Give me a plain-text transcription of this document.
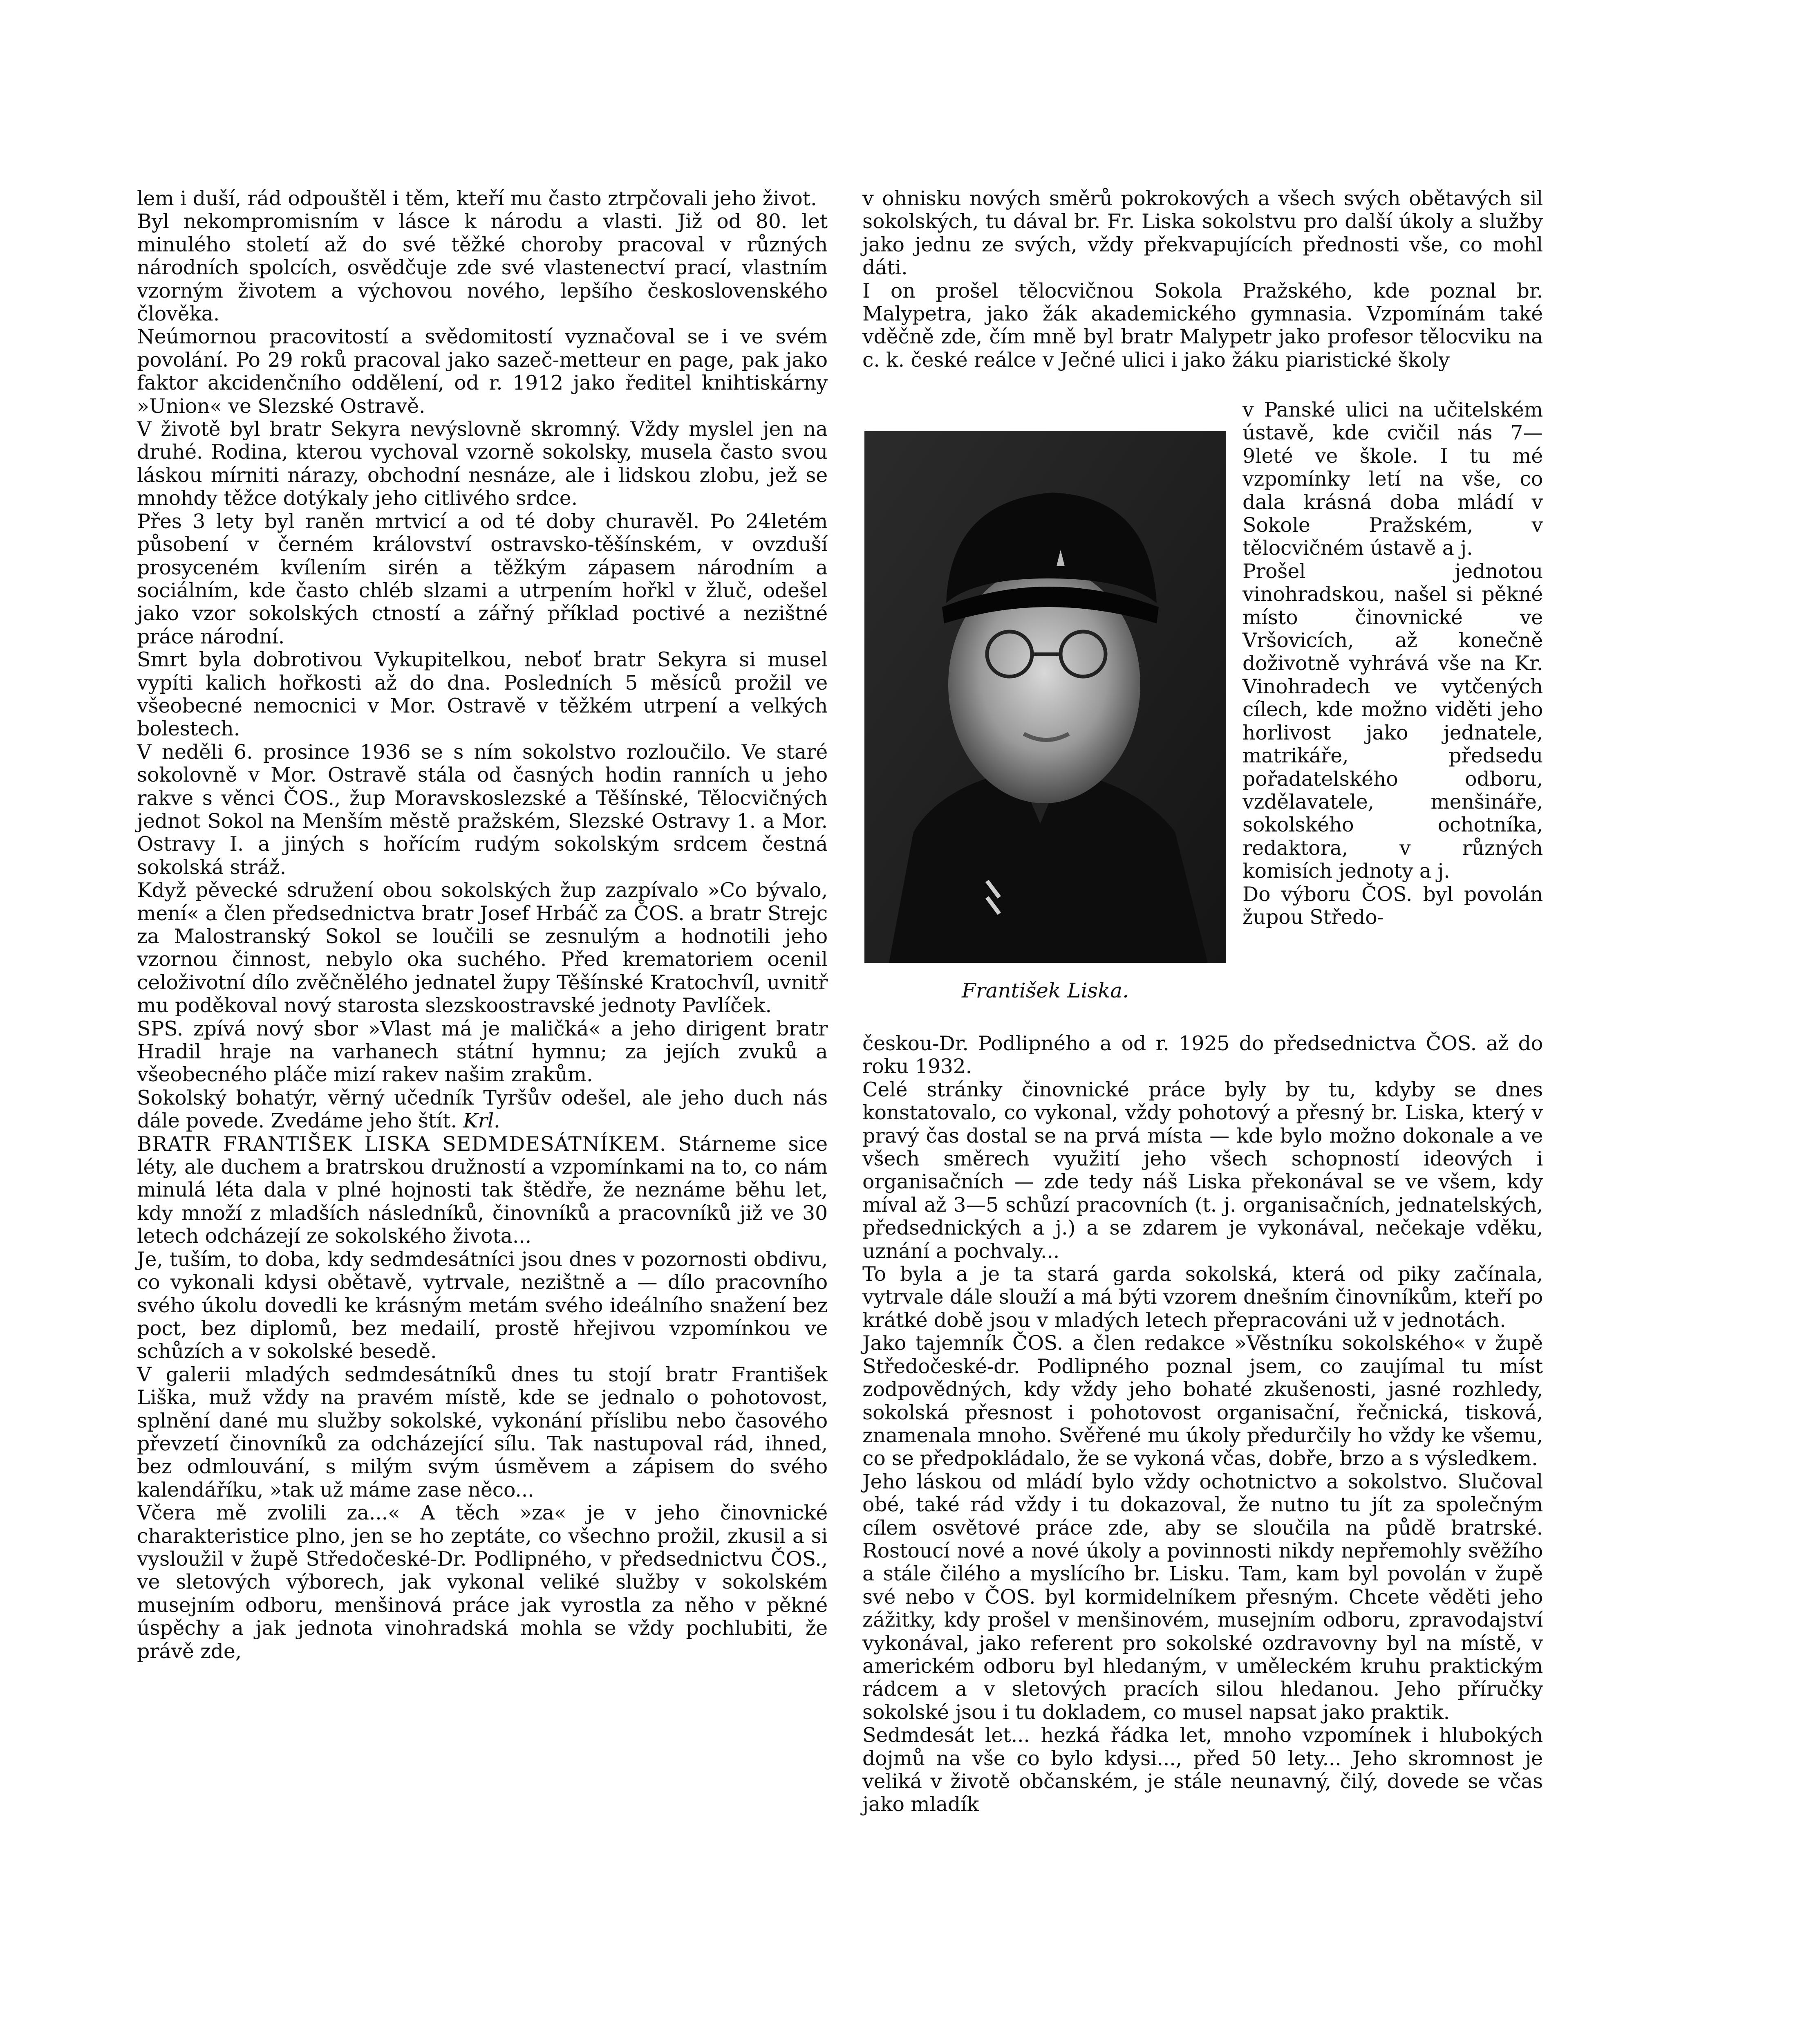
lem i duší, rád odpouštěl i těm, kteří mu často ztrpčovali jeho život.

Byl nekompromisním v lásce k národu a vlasti. Již od 80. let minulého století až do své těžké choroby pracoval v různých národních spolcích, osvědčuje zde své vlastenectví prací, vlastním vzorným životem a výchovou nového, lepšího československého člověka.

Neúmornou pracovitostí a svědomitostí vyznačoval se i ve svém povolání. Po 29 roků pracoval jako sazeč-metteur en page, pak jako faktor akcidenčního oddělení, od r. 1912 jako ředitel knihtiskárny »Union« ve Slezské Ostravě.

V životě byl bratr Sekyra nevýslovně skromný. Vždy myslel jen na druhé. Rodina, kterou vychoval vzorně sokolsky, musela často svou láskou mírniti nárazy, obchodní nesnáze, ale i lidskou zlobu, jež se mnohdy těžce dotýkaly jeho citlivého srdce.

Přes 3 lety byl raněn mrtvicí a od té doby churavěl. Po 24letém působení v černém království ostravsko-těšínském, v ovzduší prosyceném kvílením sirén a těžkým zápasem národním a sociálním, kde často chléb slzami a utrpením hořkl v žluč, odešel jako vzor sokolských ctností a zářný příklad poctivé a nezištné práce národní.

Smrt byla dobrotivou Vykupitelkou, neboť bratr Sekyra si musel vypíti kalich hořkosti až do dna. Posledních 5 měsíců prožil ve všeobecné nemocnici v Mor. Ostravě v těžkém utrpení a velkých bolestech.

V neděli 6. prosince 1936 se s ním sokolstvo rozloučilo. Ve staré sokolovně v Mor. Ostravě stála od časných hodin ranních u jeho rakve s věnci ČOS., žup Moravskoslezské a Těšínské, Tělocvičných jednot Sokol na Menším městě pražském, Slezské Ostravy 1. a Mor. Ostravy I. a jiných s hořícím rudým sokolským srdcem čestná sokolská stráž.

Když pěvecké sdružení obou sokolských žup zazpívalo »Co bývalo, mení« a člen předsednictva bratr Josef Hrbáč za ČOS. a bratr Strejc za Malostranský Sokol se loučili se zesnulým a hodnotili jeho vzornou činnost, nebylo oka suchého. Před krematoriem ocenil celoživotní dílo zvěčnělého jednatel župy Těšínské Kratochvíl, uvnitř mu poděkoval nový starosta slezskoostravské jednoty Pavlíček.

SPS. zpívá nový sbor »Vlast má je maličká« a jeho dirigent bratr Hradil hraje na varhanech státní hymnu; za jejích zvuků a všeobecného pláče mizí rakev našim zrakům.

Sokolský bohatýr, věrný učedník Tyršův odešel, ale jeho duch nás dále povede. Zvedáme jeho štít. Krl.

BRATR FRANTIŠEK LISKA SEDMDESÁTNÍKEM. Stárneme sice léty, ale duchem a bratrskou družností a vzpomínkami na to, co nám minulá léta dala v plné hojnosti tak štědře, že neznáme běhu let, kdy množí z mladších následníků, činovníků a pracovníků již ve 30 letech odcházejí ze sokolského života...

Je, tuším, to doba, kdy sedmdesátníci jsou dnes v pozornosti obdivu, co vykonali kdysi obětavě, vytrvale, nezištně a — dílo pracovního svého úkolu dovedli ke krásným metám svého ideálního snažení bez poct, bez diplomů, bez medailí, prostě hřejivou vzpomínkou ve schůzích a v sokolské besedě.

V galerii mladých sedmdesátníků dnes tu stojí bratr František Liška, muž vždy na pravém místě, kde se jednalo o pohotovost, splnění dané mu služby sokolské, vykonání příslibu nebo časového převzetí činovníků za odcházející sílu. Tak nastupoval rád, ihned, bez odmlouvání, s milým svým úsměvem a zápisem do svého kalendáříku, »tak už máme zase něco...

Včera mě zvolili za...« A těch »za« je v jeho činovnické charakteristice plno, jen se ho zeptáte, co všechno prožil, zkusil a si vysloužil v župě Středočeské-Dr. Podlipného, v předsednictvu ČOS., ve sletových výborech, jak vykonal veliké služby v sokolském musejním odboru, menšinová práce jak vyrostla za něho v pěkné úspěchy a jak jednota vinohradská mohla se vždy pochlubiti, že právě zde,

v ohnisku nových směrů pokrokových a všech svých obětavých sil sokolských, tu dával br. Fr. Liska sokolstvu pro další úkoly a služby jako jednu ze svých, vždy překvapujících přednosti vše, co mohl dáti.

I on prošel tělocvičnou Sokola Pražského, kde poznal br. Malypetra, jako žák akademického gymnasia. Vzpomínám také vděčně zde, čím mně byl bratr Malypetr jako profesor tělocviku na c. k. české reálce v Ječné ulici i jako žáku piaristické školy

František Liska.

v Panské ulici na učitelském ústavě, kde cvičil nás 7—9leté ve škole. I tu mé vzpomínky letí na vše, co dala krásná doba mládí v Sokole Pražském, v tělocvičném ústavě a j.

Prošel jednotou vinohradskou, našel si pěkné místo činovnické ve Vršovicích, až konečně doživotně vyhrává vše na Kr. Vinohradech ve vytčených cílech, kde možno viděti jeho horlivost jako jednatele, matrikáře, předsedu pořadatelského odboru, vzdělavatele, menšináře, sokolského ochotníka, redaktora, v různých komisích jednoty a j.

Do výboru ČOS. byl povolán župou Středo-

českou-Dr. Podlipného a od r. 1925 do předsednictva ČOS. až do roku 1932.

Celé stránky činovnické práce byly by tu, kdyby se dnes konstatovalo, co vykonal, vždy pohotový a přesný br. Liska, který v pravý čas dostal se na prvá místa — kde bylo možno dokonale a ve všech směrech využití jeho všech schopností ideových i organisačních — zde tedy náš Liska překonával se ve všem, kdy míval až 3—5 schůzí pracovních (t. j. organisačních, jednatelských, předsednických a j.) a se zdarem je vykonával, nečekaje vděku, uznání a pochvaly...

To byla a je ta stará garda sokolská, která od piky začínala, vytrvale dále slouží a má býti vzorem dnešním činovníkům, kteří po krátké době jsou v mladých letech přepracováni už v jednotách.

Jako tajemník ČOS. a člen redakce »Věstníku sokolského« v župě Středočeské-dr. Podlipného poznal jsem, co zaujímal tu míst zodpovědných, kdy vždy jeho bohaté zkušenosti, jasné rozhledy, sokolská přesnost i pohotovost organisační, řečnická, tisková, znamenala mnoho. Svěřené mu úkoly předurčily ho vždy ke všemu, co se předpokládalo, že se vykoná včas, dobře, brzo a s výsledkem.

Jeho láskou od mládí bylo vždy ochotnictvo a sokolstvo. Slučoval obé, také rád vždy i tu dokazoval, že nutno tu jít za společným cílem osvětové práce zde, aby se sloučila na půdě bratrské. Rostoucí nové a nové úkoly a povinnosti nikdy nepřemohly svěžího a stále čilého a myslícího br. Lisku. Tam, kam byl povolán v župě své nebo v ČOS. byl kormidelníkem přesným. Chcete věděti jeho zážitky, kdy prošel v menšinovém, musejním odboru, zpravodajství vykonával, jako referent pro sokolské ozdravovny byl na místě, v americkém odboru byl hledaným, v uměleckém kruhu praktickým rádcem a v sletových pracích silou hledanou. Jeho příručky sokolské jsou i tu dokladem, co musel napsat jako praktik.

Sedmdesát let... hezká řádka let, mnoho vzpomínek i hlubokých dojmů na vše co bylo kdysi..., před 50 lety... Jeho skromnost je veliká v životě občanském, je stále neunavný, čilý, dovede se včas jako mladík
